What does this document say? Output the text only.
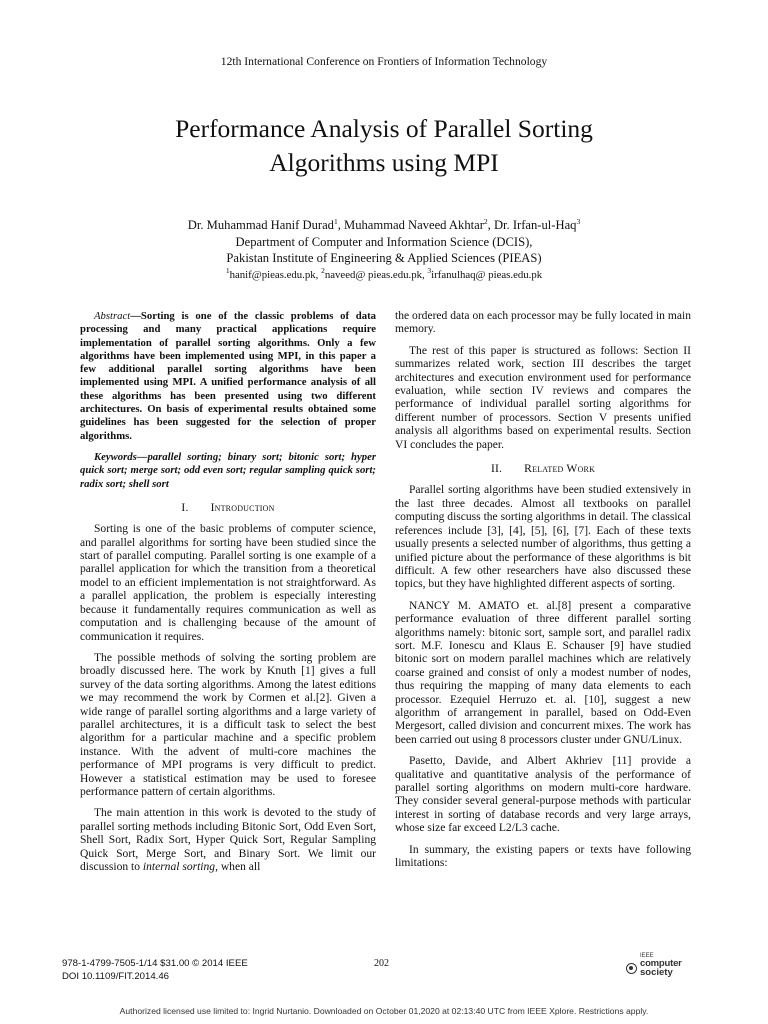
12th International Conference on Frontiers of Information Technology
Performance Analysis of Parallel Sorting
Algorithms using MPI

Dr. Muhammad Hanif Durad$^1$, Muhammad Naveed Akhtar$^2$, Dr. Irfan-ul-Haq$^3$

Department of Computer and Information Science (DCIS),

Pakistan Institute of Engineering & Applied Sciences (PIEAS)

$^1$hanif@pieas.edu.pk, $^2$naveed@ pieas.edu.pk, $^3$irfanulhaq@ pieas.edu.pk

Abstract—Sorting is one of the classic problems of data processing and many practical applications require implementation of parallel sorting algorithms. Only a few algorithms have been implemented using MPI, in this paper a few additional parallel sorting algorithms have been implemented using MPI. A unified performance analysis of all these algorithms has been presented using two different architectures. On basis of experimental results obtained some guidelines has been suggested for the selection of proper algorithms.

Keywords—parallel sorting; binary sort; bitonic sort; hyper quick sort; merge sort; odd even sort; regular sampling quick sort; radix sort; shell sort

I. Introduction

Sorting is one of the basic problems of computer science, and parallel algorithms for sorting have been studied since the start of parallel computing. Parallel sorting is one example of a parallel application for which the transition from a theoretical model to an efficient implementation is not straightforward. As a parallel application, the problem is especially interesting because it fundamentally requires communication as well as computation and is challenging because of the amount of communication it requires.

The possible methods of solving the sorting problem are broadly discussed here. The work by Knuth [1] gives a full survey of the data sorting algorithms. Among the latest editions we may recommend the work by Cormen et al.[2]. Given a wide range of parallel sorting algorithms and a large variety of parallel architectures, it is a difficult task to select the best algorithm for a particular machine and a specific problem instance. With the advent of multi-core machines the performance of MPI programs is very difficult to predict. However a statistical estimation may be used to foresee performance pattern of certain algorithms.

The main attention in this work is devoted to the study of parallel sorting methods including Bitonic Sort, Odd Even Sort, Shell Sort, Radix Sort, Hyper Quick Sort, Regular Sampling Quick Sort, Merge Sort, and Binary Sort. We limit our discussion to internal sorting, when all

the ordered data on each processor may be fully located in main memory.

The rest of this paper is structured as follows: Section II summarizes related work, section III describes the target architectures and execution environment used for performance evaluation, while section IV reviews and compares the performance of individual parallel sorting algorithms for different number of processors. Section V presents unified analysis all algorithms based on experimental results. Section VI concludes the paper.

II. Related Work

Parallel sorting algorithms have been studied extensively in the last three decades. Almost all textbooks on parallel computing discuss the sorting algorithms in detail. The classical references include [3], [4], [5], [6], [7]. Each of these texts usually presents a selected number of algorithms, thus getting a unified picture about the performance of these algorithms is bit difficult. A few other researchers have also discussed these topics, but they have highlighted different aspects of sorting.

NANCY M. AMATO et. al.[8] present a comparative performance evaluation of three different parallel sorting algorithms namely: bitonic sort, sample sort, and parallel radix sort. M.F. Ionescu and Klaus E. Schauser [9] have studied bitonic sort on modern parallel machines which are relatively coarse grained and consist of only a modest number of nodes, thus requiring the mapping of many data elements to each processor. Ezequiel Herruzo et. al. [10], suggest a new algorithm of arrangement in parallel, based on Odd-Even Mergesort, called division and concurrent mixes. The work has been carried out using 8 processors cluster under GNU/Linux.

Pasetto, Davide, and Albert Akhriev [11] provide a qualitative and quantitative analysis of the performance of parallel sorting algorithms on modern multi-core hardware. They consider several general-purpose methods with particular interest in sorting of database records and very large arrays, whose size far exceed L2/L3 cache.

In summary, the existing papers or texts have following limitations:

978-1-4799-7505-1/14 $31.00 © 2014 IEEE
DOI 10.1109/FIT.2014.46
202
IEEE
computer
society
Authorized licensed use limited to: Ingrid Nurtanio. Downloaded on October 01,2020 at 02:13:40 UTC from IEEE Xplore. Restrictions apply.
